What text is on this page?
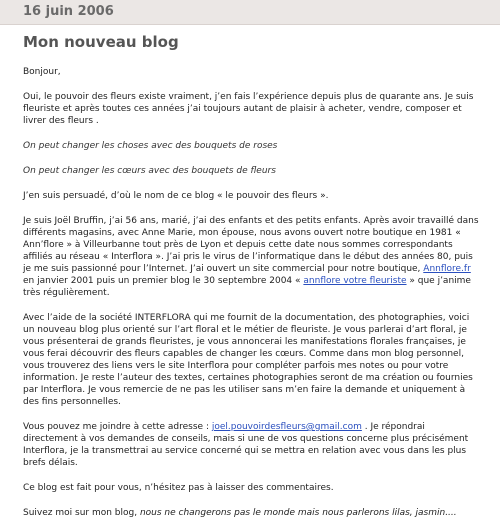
16 juin 2006
Mon nouveau blog

Bonjour,

Oui, le pouvoir des fleurs existe vraiment, j’en fais l’expérience depuis plus de quarante ans. Je suis fleuriste et après toutes ces années j’ai toujours autant de plaisir à acheter, vendre, composer et livrer des fleurs .

On peut changer les choses avec des bouquets de roses

On peut changer les cœurs avec des bouquets de fleurs

J’en suis persuadé, d’où le nom de ce blog « le pouvoir des fleurs ».

Je suis Joël Bruffin, j’ai 56 ans, marié, j’ai des enfants et des petits enfants. Après avoir travaillé dans différents magasins, avec Anne Marie, mon épouse, nous avons ouvert notre boutique en 1981 « Ann’flore » à Villeurbanne tout près de Lyon et depuis cette date nous sommes correspondants affiliés au réseau « Interflora ». J’ai pris le virus de l’informatique dans le début des années 80, puis je me suis passionné pour l’Internet. J’ai ouvert un site commercial pour notre boutique, Annflore.fr en janvier 2001 puis un premier blog le 30 septembre 2004 « annflore votre fleuriste » que j’anime très régulièrement.

Avec l’aide de la société INTERFLORA qui me fournit de la documentation, des photographies, voici un nouveau blog plus orienté sur l’art floral et le métier de fleuriste. Je vous parlerai d’art floral, je vous présenterai de grands fleuristes, je vous annoncerai les manifestations florales françaises, je vous ferai découvrir des fleurs capables de changer les cœurs. Comme dans mon blog personnel, vous trouverez des liens vers le site Interflora pour compléter parfois mes notes ou pour votre information. Je reste l’auteur des textes, certaines photographies seront de ma création ou fournies par Interflora. Je vous remercie de ne pas les utiliser sans m’en faire la demande et uniquement à des fins personnelles.

Vous pouvez me joindre à cette adresse : joel.pouvoirdesfleurs@gmail.com . Je répondrai directement à vos demandes de conseils, mais si une de vos questions concerne plus précisément Interflora, je la transmettrai au service concerné qui se mettra en relation avec vous dans les plus brefs délais.

Ce blog est fait pour vous, n’hésitez pas à laisser des commentaires.

Suivez moi sur mon blog, nous ne changerons pas le monde mais nous parlerons lilas, jasmin....
